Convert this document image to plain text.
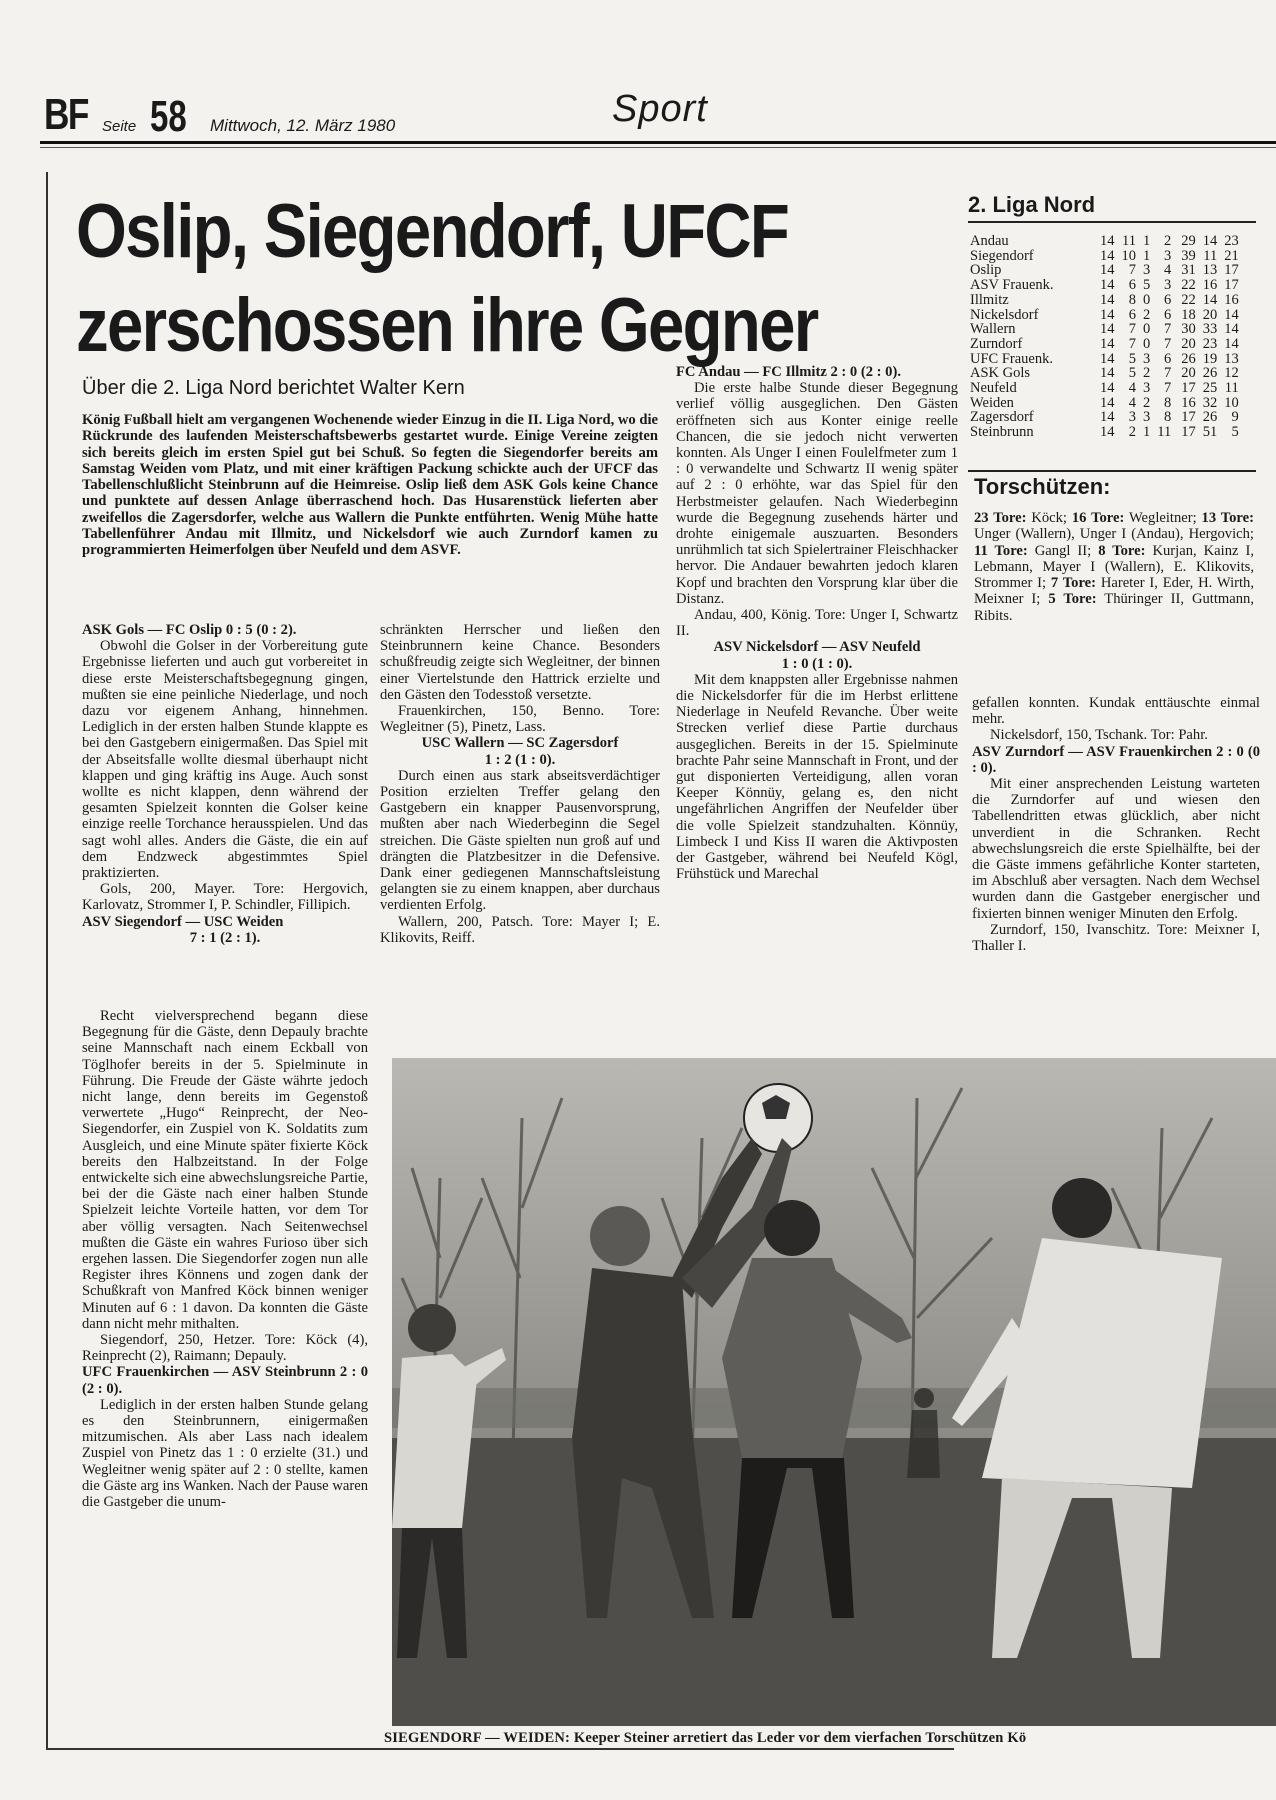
BF Seite 58 Mittwoch, 12. März 1980	Sport
Oslip, Siegendorf, UFCF
zerschossen ihre Gegner
Über die 2. Liga Nord berichtet Walter Kern
König Fußball hielt am vergangenen Wochenende wieder Einzug in die II. Liga Nord, wo die Rückrunde des laufenden Meisterschaftsbewerbs gestartet wurde. Einige Vereine zeigten sich bereits gleich im ersten Spiel gut bei Schuß. So fegten die Siegendorfer bereits am Samstag Weiden vom Platz, und mit einer kräftigen Packung schickte auch der UFCF das Tabellenschlußlicht Steinbrunn auf die Heimreise. Oslip ließ dem ASK Gols keine Chance und punktete auf dessen Anlage überraschend hoch. Das Husarenstück lieferten aber zweifellos die Zagersdorfer, welche aus Wallern die Punkte entführten. Wenig Mühe hatte Tabellenführer Andau mit Illmitz, und Nickelsdorf wie auch Zurndorf kamen zu programmierten Heimerfolgen über Neufeld und dem ASVF.

ASK Gols — FC Oslip 0 : 5 (0 : 2).

Obwohl die Golser in der Vorbereitung gute Ergebnisse lieferten und auch gut vorbereitet in diese erste Meisterschaftsbegegnung gingen, mußten sie eine peinliche Niederlage, und noch dazu vor eigenem Anhang, hinnehmen. Lediglich in der ersten halben Stunde klappte es bei den Gastgebern einigermaßen. Das Spiel mit der Abseitsfalle wollte diesmal überhaupt nicht klappen und ging kräftig ins Auge. Auch sonst wollte es nicht klappen, denn während der gesamten Spielzeit konnten die Golser keine einzige reelle Torchance herausspielen. Und das sagt wohl alles. Anders die Gäste, die ein auf dem Endzweck abgestimmtes Spiel praktizierten.

Gols, 200, Mayer. Tore: Hergovich, Karlovatz, Strommer I, P. Schindler, Fillipich.

ASV Siegendorf — USC Weiden

7 : 1 (2 : 1).

Recht vielversprechend begann diese Begegnung für die Gäste, denn Depauly brachte seine Mannschaft nach einem Eckball von Töglhofer bereits in der 5. Spielminute in Führung. Die Freude der Gäste währte jedoch nicht lange, denn bereits im Gegenstoß verwertete „Hugo“ Reinprecht, der Neo-Siegendorfer, ein Zuspiel von K. Soldatits zum Ausgleich, und eine Minute später fixierte Köck bereits den Halbzeitstand. In der Folge entwickelte sich eine abwechslungsreiche Partie, bei der die Gäste nach einer halben Stunde Spielzeit leichte Vorteile hatten, vor dem Tor aber völlig versagten. Nach Seitenwechsel mußten die Gäste ein wahres Furioso über sich ergehen lassen. Die Siegendorfer zogen nun alle Register ihres Könnens und zogen dank der Schußkraft von Manfred Köck binnen weniger Minuten auf 6 : 1 davon. Da konnten die Gäste dann nicht mehr mithalten.

Siegendorf, 250, Hetzer. Tore: Köck (4), Reinprecht (2), Raimann; Depauly.

UFC Frauenkirchen — ASV Steinbrunn 2 : 0 (2 : 0).

Lediglich in der ersten halben Stunde gelang es den Steinbrunnern, einigermaßen mitzumischen. Als aber Lass nach idealem Zuspiel von Pinetz das 1 : 0 erzielte (31.) und Wegleitner wenig später auf 2 : 0 stellte, kamen die Gäste arg ins Wanken. Nach der Pause waren die Gastgeber die unum-

schränkten Herrscher und ließen den Steinbrunnern keine Chance. Besonders schußfreudig zeigte sich Wegleitner, der binnen einer Viertelstunde den Hattrick erzielte und den Gästen den Todesstoß versetzte.

Frauenkirchen, 150, Benno. Tore: Wegleitner (5), Pinetz, Lass.

USC Wallern — SC Zagersdorf

1 : 2 (1 : 0).

Durch einen aus stark abseitsverdächtiger Position erzielten Treffer gelang den Gastgebern ein knapper Pausenvorsprung, mußten aber nach Wiederbeginn die Segel streichen. Die Gäste spielten nun groß auf und drängten die Platzbesitzer in die Defensive. Dank einer gediegenen Mannschaftsleistung gelangten sie zu einem knappen, aber durchaus verdienten Erfolg.

Wallern, 200, Patsch. Tore: Mayer I; E. Klikovits, Reiff.

FC Andau — FC Illmitz 2 : 0 (2 : 0).

Die erste halbe Stunde dieser Begegnung verlief völlig ausgeglichen. Den Gästen eröffneten sich aus Konter einige reelle Chancen, die sie jedoch nicht verwerten konnten. Als Unger I einen Foulelfmeter zum 1 : 0 verwandelte und Schwartz II wenig später auf 2 : 0 erhöhte, war das Spiel für den Herbstmeister gelaufen. Nach Wiederbeginn wurde die Begegnung zusehends härter und drohte einigemale auszuarten. Besonders unrühmlich tat sich Spielertrainer Fleischhacker hervor. Die Andauer bewahrten jedoch klaren Kopf und brachten den Vorsprung klar über die Distanz.

Andau, 400, König. Tore: Unger I, Schwartz II.

ASV Nickelsdorf — ASV Neufeld

1 : 0 (1 : 0).

Mit dem knappsten aller Ergebnisse nahmen die Nickelsdorfer für die im Herbst erlittene Niederlage in Neufeld Revanche. Über weite Strecken verlief diese Partie durchaus ausgeglichen. Bereits in der 15. Spielminute brachte Pahr seine Mannschaft in Front, und der gut disponierten Verteidigung, allen voran Keeper Könnüy, gelang es, den nicht ungefährlichen Angriffen der Neufelder über die volle Spielzeit standzuhalten. Könnüy, Limbeck I und Kiss II waren die Aktivposten der Gastgeber, während bei Neufeld Kögl, Frühstück und Marechal

gefallen konnten. Kundak enttäuschte einmal mehr.

Nickelsdorf, 150, Tschank. Tor: Pahr.

ASV Zurndorf — ASV Frauenkirchen 2 : 0 (0 : 0).

Mit einer ansprechenden Leistung warteten die Zurndorfer auf und wiesen den Tabellendritten etwas glücklich, aber nicht unverdient in die Schranken. Recht abwechslungsreich die erste Spielhälfte, bei der die Gäste immens gefährliche Konter starteten, im Abschluß aber versagten. Nach dem Wechsel wurden dann die Gastgeber energischer und fixierten binnen weniger Minuten den Erfolg.

Zurndorf, 150, Ivanschitz. Tore: Meixner I, Thaller I.

2. Liga Nord
Andau	14	11	1	2	29	14	23
Siegendorf	14	10	1	3	39	11	21
Oslip	14	7	3	4	31	13	17
ASV Frauenk.	14	6	5	3	22	16	17
Illmitz	14	8	0	6	22	14	16
Nickelsdorf	14	6	2	6	18	20	14
Wallern	14	7	0	7	30	33	14
Zurndorf	14	7	0	7	20	23	14
UFC Frauenk.	14	5	3	6	26	19	13
ASK Gols	14	5	2	7	20	26	12
Neufeld	14	4	3	7	17	25	11
Weiden	14	4	2	8	16	32	10
Zagersdorf	14	3	3	8	17	26	9
Steinbrunn	14	2	1	11	17	51	5
Torschützen:
23 Tore: Köck; 16 Tore: Wegleitner; 13 Tore: Unger (Wallern), Unger I (Andau), Hergovich; 11 Tore: Gangl II; 8 Tore: Kurjan, Kainz I, Lebmann, Mayer I (Wallern), E. Klikovits, Strommer I; 7 Tore: Hareter I, Eder, H. Wirth, Meixner I; 5 Tore: Thüringer II, Guttmann, Ribits.
SIEGENDORF — WEIDEN: Keeper Steiner arretiert das Leder vor dem vierfachen Torschützen Kö
